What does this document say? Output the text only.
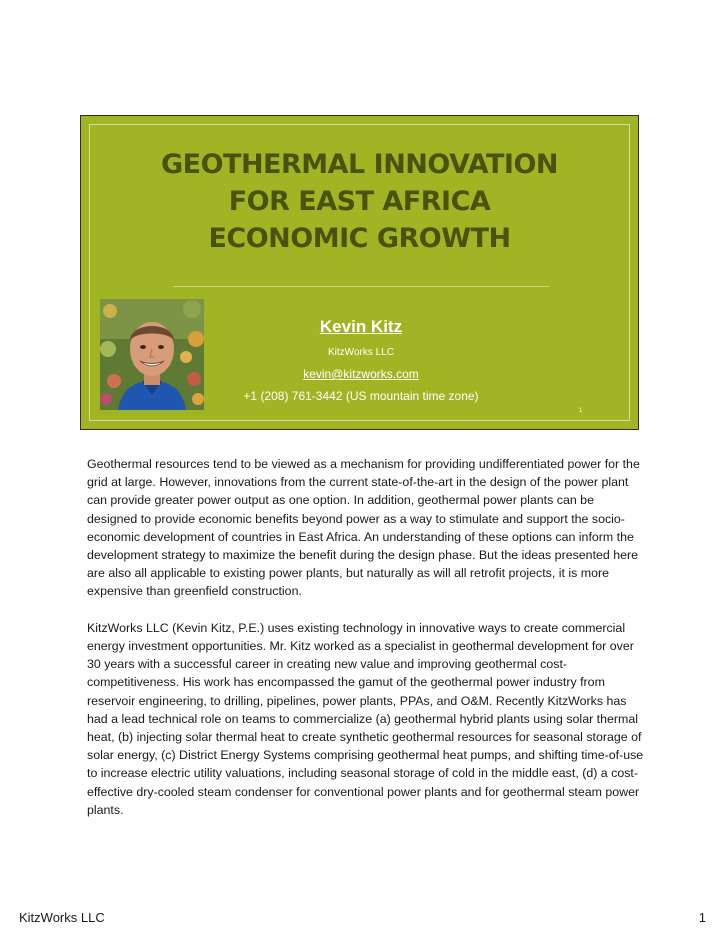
GEOTHERMAL INNOVATION
FOR EAST AFRICA
ECONOMIC GROWTH
Kevin Kitz
KitzWorks LLC
kevin@kitzworks.com
+1 (208) 761-3442 (US mountain time zone)
1

Geothermal resources tend to be viewed as a mechanism for providing undifferentiated power for the grid at large. However, innovations from the current state-of-the-art in the design of the power plant can provide greater power output as one option. In addition, geothermal power plants can be designed to provide economic benefits beyond power as a way to stimulate and support the socio-economic development of countries in East Africa. An understanding of these options can inform the development strategy to maximize the benefit during the design phase. But the ideas presented here are also all applicable to existing power plants, but naturally as will all retrofit projects, it is more expensive than greenfield construction.

KitzWorks LLC (Kevin Kitz, P.E.) uses existing technology in innovative ways to create commercial energy investment opportunities. Mr. Kitz worked as a specialist in geothermal development for over 30 years with a successful career in creating new value and improving geothermal cost-competitiveness. His work has encompassed the gamut of the geothermal power industry from reservoir engineering, to drilling, pipelines, power plants, PPAs, and O&M. Recently KitzWorks has had a lead technical role on teams to commercialize (a) geothermal hybrid plants using solar thermal heat, (b) injecting solar thermal heat to create synthetic geothermal resources for seasonal storage of solar energy, (c) District Energy Systems comprising geothermal heat pumps, and shifting time-of-use to increase electric utility valuations, including seasonal storage of cold in the middle east, (d) a cost-effective dry-cooled steam condenser for conventional power plants and for geothermal steam power plants.

KitzWorks LLC	1
